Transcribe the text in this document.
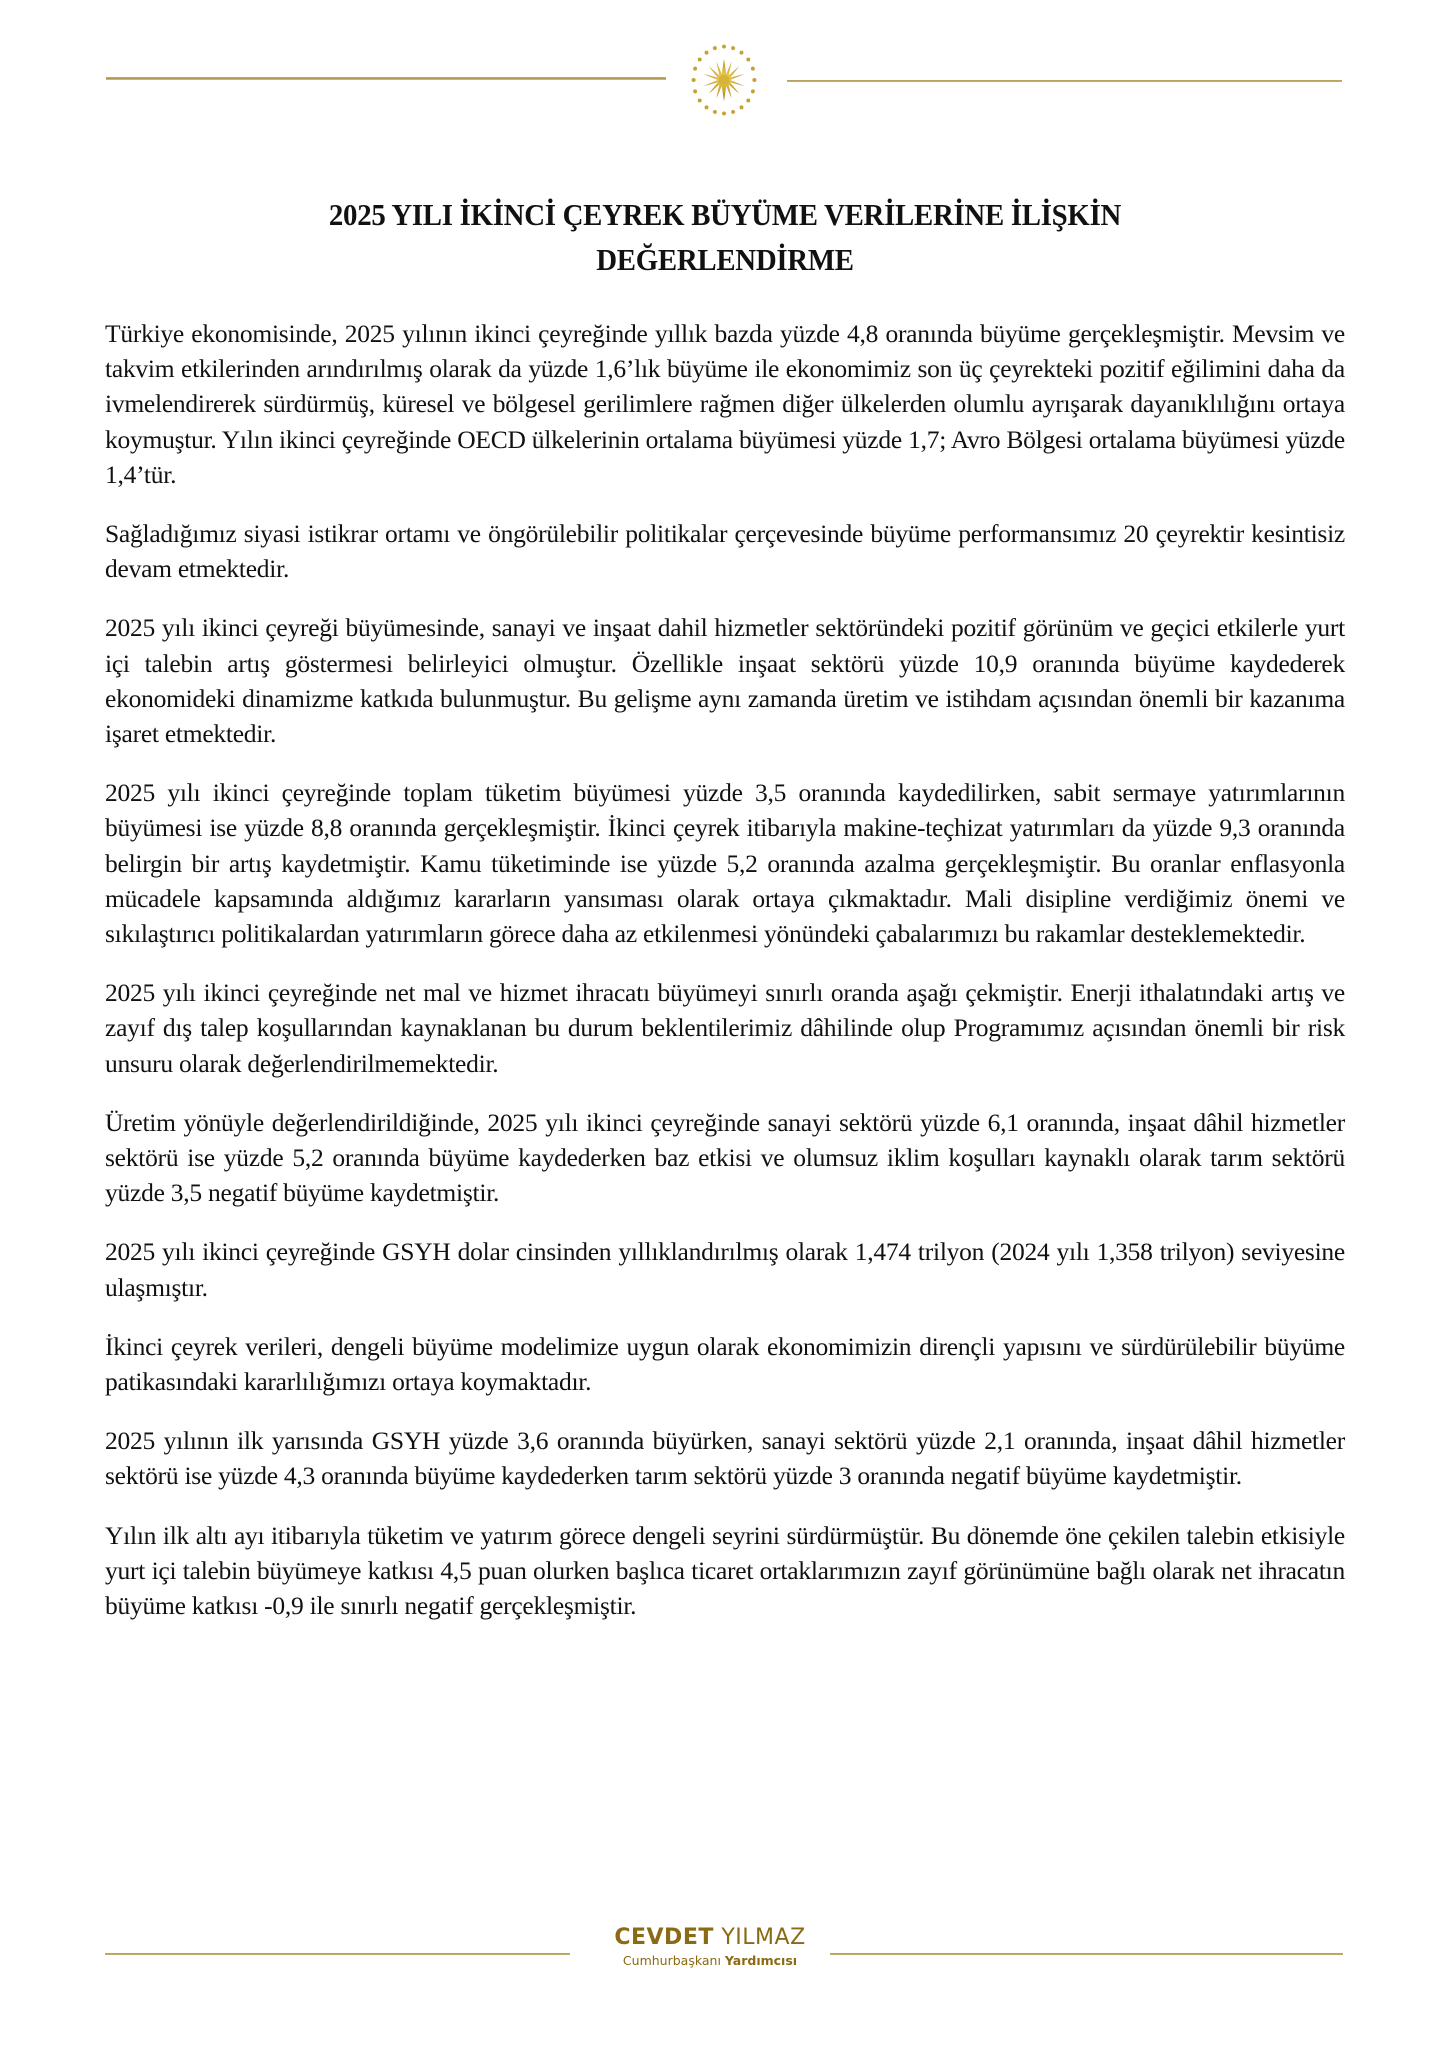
2025 YILI İKİNCİ ÇEYREK BÜYÜME VERİLERİNE İLİŞKİN
DEĞERLENDİRME

Türkiye ekonomisinde, 2025 yılının ikinci çeyreğinde yıllık bazda yüzde 4,8 oranında büyüme gerçekleşmiştir. Mevsim ve takvim etkilerinden arındırılmış olarak da yüzde 1,6’lık büyüme ile ekonomimiz son üç çeyrekteki pozitif eğilimini daha da ivmelendirerek sürdürmüş, küresel ve bölgesel gerilimlere rağmen diğer ülkelerden olumlu ayrışarak dayanıklılığını ortaya koymuştur. Yılın ikinci çeyreğinde OECD ülkelerinin ortalama büyümesi yüzde 1,7; Avro Bölgesi ortalama büyümesi yüzde 1,4’tür.

Sağladığımız siyasi istikrar ortamı ve öngörülebilir politikalar çerçevesinde büyüme performansımız 20 çeyrektir kesintisiz devam etmektedir.

2025 yılı ikinci çeyreği büyümesinde, sanayi ve inşaat dahil hizmetler sektöründeki pozitif görünüm ve geçici etkilerle yurt içi talebin artış göstermesi belirleyici olmuştur. Özellikle inşaat sektörü yüzde 10,9 oranında büyüme kaydederek ekonomideki dinamizme katkıda bulunmuştur. Bu gelişme aynı zamanda üretim ve istihdam açısından önemli bir kazanıma işaret etmektedir.

2025 yılı ikinci çeyreğinde toplam tüketim büyümesi yüzde 3,5 oranında kaydedilirken, sabit sermaye yatırımlarının büyümesi ise yüzde 8,8 oranında gerçekleşmiştir. İkinci çeyrek itibarıyla makine-teçhizat yatırımları da yüzde 9,3 oranında belirgin bir artış kaydetmiştir. Kamu tüketiminde ise yüzde 5,2 oranında azalma gerçekleşmiştir. Bu oranlar enflasyonla mücadele kapsamında aldığımız kararların yansıması olarak ortaya çıkmaktadır. Mali disipline verdiğimiz önemi ve sıkılaştırıcı politikalardan yatırımların görece daha az etkilenmesi yönündeki çabalarımızı bu rakamlar desteklemektedir.

2025 yılı ikinci çeyreğinde net mal ve hizmet ihracatı büyümeyi sınırlı oranda aşağı çekmiştir. Enerji ithalatındaki artış ve zayıf dış talep koşullarından kaynaklanan bu durum beklentilerimiz dâhilinde olup Programımız açısından önemli bir risk unsuru olarak değerlendirilmemektedir.

Üretim yönüyle değerlendirildiğinde, 2025 yılı ikinci çeyreğinde sanayi sektörü yüzde 6,1 oranında, inşaat dâhil hizmetler sektörü ise yüzde 5,2 oranında büyüme kaydederken baz etkisi ve olumsuz iklim koşulları kaynaklı olarak tarım sektörü yüzde 3,5 negatif büyüme kaydetmiştir.

2025 yılı ikinci çeyreğinde GSYH dolar cinsinden yıllıklandırılmış olarak 1,474 trilyon (2024 yılı 1,358 trilyon) seviyesine ulaşmıştır.

İkinci çeyrek verileri, dengeli büyüme modelimize uygun olarak ekonomimizin dirençli yapısını ve sürdürülebilir büyüme patikasındaki kararlılığımızı ortaya koymaktadır.

2025 yılının ilk yarısında GSYH yüzde 3,6 oranında büyürken, sanayi sektörü yüzde 2,1 oranında, inşaat dâhil hizmetler sektörü ise yüzde 4,3 oranında büyüme kaydederken tarım sektörü yüzde 3 oranında negatif büyüme kaydetmiştir.

Yılın ilk altı ayı itibarıyla tüketim ve yatırım görece dengeli seyrini sürdürmüştür. Bu dönemde öne çekilen talebin etkisiyle yurt içi talebin büyümeye katkısı 4,5 puan olurken başlıca ticaret ortaklarımızın zayıf görünümüne bağlı olarak net ihracatın büyüme katkısı -0,9 ile sınırlı negatif gerçekleşmiştir.

CEVDET YILMAZ
Cumhurbaşkanı Yardımcısı
